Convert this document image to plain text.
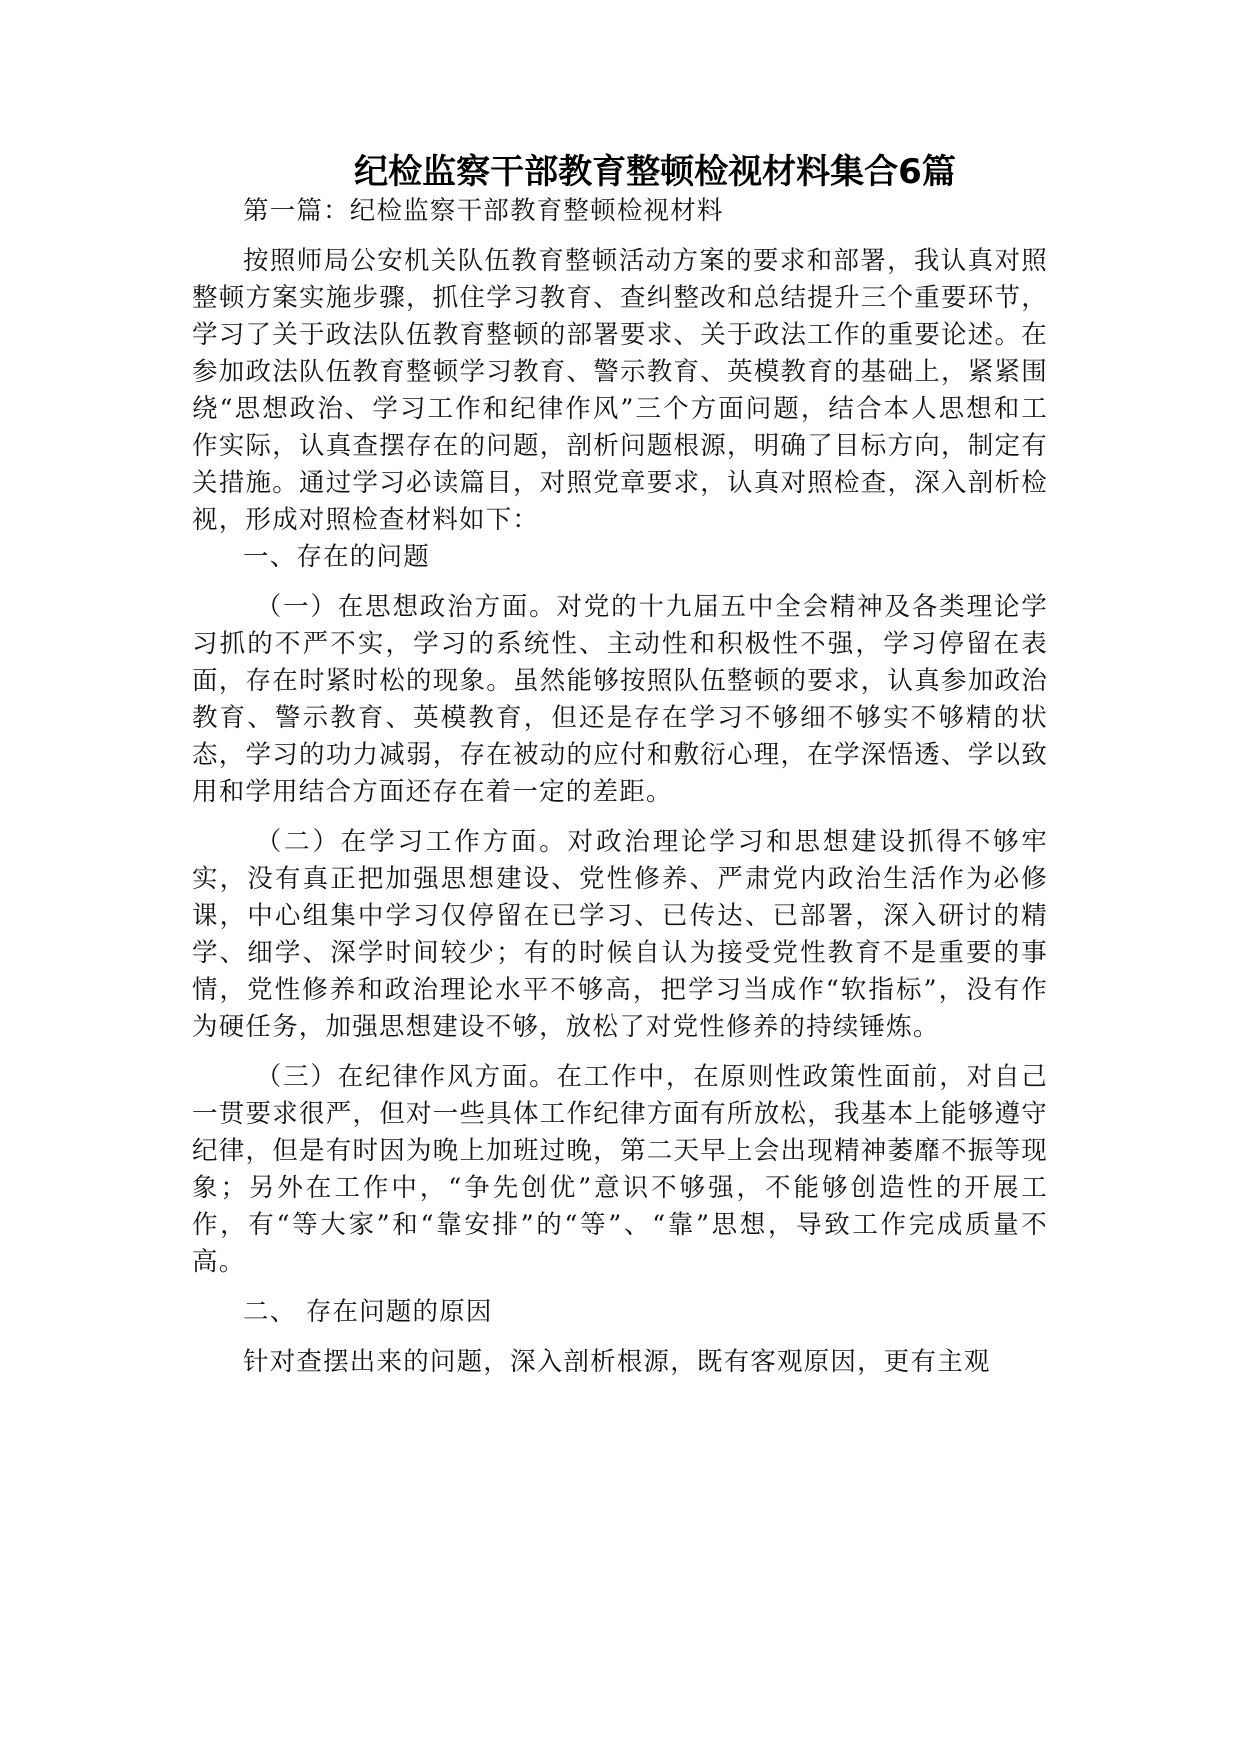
纪检监察干部教育整顿检视材料集合6篇

第一篇：纪检监察干部教育整顿检视材料

按照师局公安机关队伍教育整顿活动方案的要求和部署，我认真对照整顿方案实施步骤，抓住学习教育、查纠整改和总结提升三个重要环节，学习了关于政法队伍教育整顿的部署要求、关于政法工作的重要论述。在参加政法队伍教育整顿学习教育、警示教育、英模教育的基础上，紧紧围绕“思想政治、学习工作和纪律作风”三个方面问题，结合本人思想和工作实际，认真查摆存在的问题，剖析问题根源，明确了目标方向，制定有关措施。通过学习必读篇目，对照党章要求，认真对照检查，深入剖析检视，形成对照检查材料如下：

一、存在的问题

（一）在思想政治方面。对党的十九届五中全会精神及各类理论学习抓的不严不实，学习的系统性、主动性和积极性不强，学习停留在表面，存在时紧时松的现象。虽然能够按照队伍整顿的要求，认真参加政治教育、警示教育、英模教育，但还是存在学习不够细不够实不够精的状态，学习的功力减弱，存在被动的应付和敷衍心理，在学深悟透、学以致用和学用结合方面还存在着一定的差距。

（二）在学习工作方面。对政治理论学习和思想建设抓得不够牢实，没有真正把加强思想建设、党性修养、严肃党内政治生活作为必修课，中心组集中学习仅停留在已学习、已传达、已部署，深入研讨的精学、细学、深学时间较少；有的时候自认为接受党性教育不是重要的事情，党性修养和政治理论水平不够高，把学习当成作“软指标”，没有作为硬任务，加强思想建设不够，放松了对党性修养的持续锤炼。

（三）在纪律作风方面。在工作中，在原则性政策性面前，对自己一贯要求很严，但对一些具体工作纪律方面有所放松，我基本上能够遵守纪律，但是有时因为晚上加班过晚，第二天早上会出现精神萎靡不振等现象；另外在工作中，“争先创优”意识不够强，不能够创造性的开展工作，有“等大家”和“靠安排”的“等”、“靠”思想，导致工作完成质量不高。

二、 存在问题的原因

针对查摆出来的问题，深入剖析根源，既有客观原因，更有主观
